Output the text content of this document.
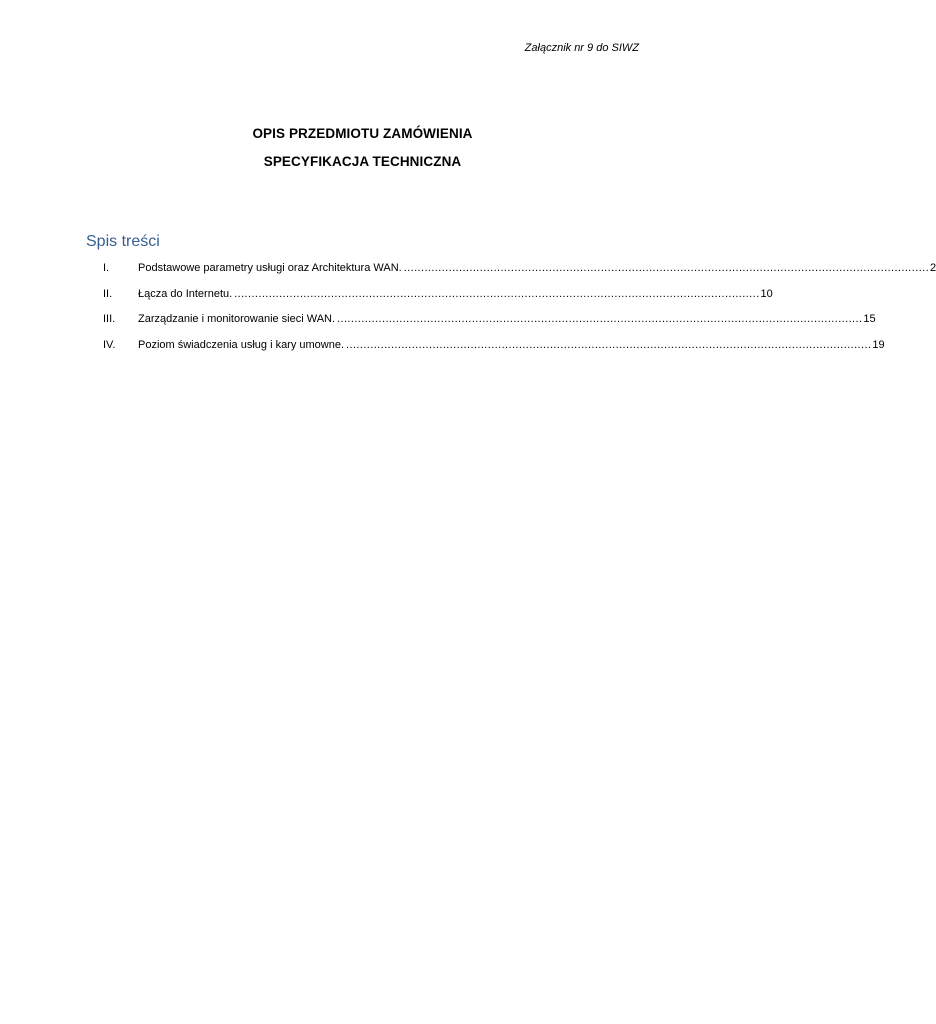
Załącznik nr 9 do SIWZ
OPIS PRZEDMIOTU ZAMÓWIENIA
SPECYFIKACJA TECHNICZNA
Spis treści
I.	Podstawowe parametry usługi oraz Architektura WAN. ........................................................................................................................................................ 2
II.	Łącza do Internetu. ........................................................................................................................................................ 10
III.	Zarządzanie i monitorowanie sieci WAN. ........................................................................................................................................................ 15
IV.	Poziom świadczenia usług i kary umowne. ........................................................................................................................................................ 19
